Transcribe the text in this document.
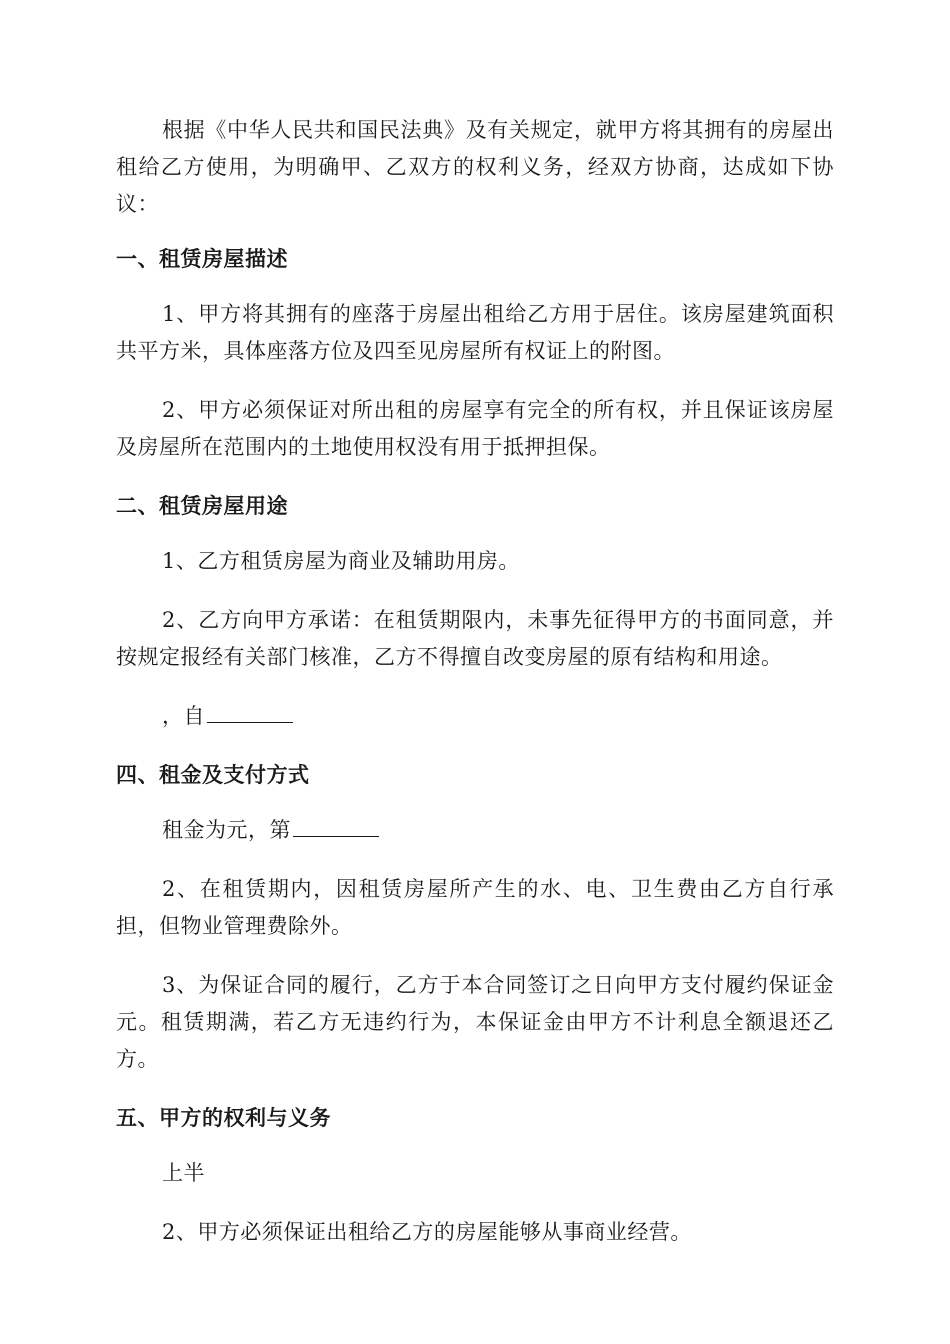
根据《中华人民共和国民法典》及有关规定，就甲方将其拥有的房屋出租给乙方使用，为明确甲、乙双方的权利义务，经双方协商，达成如下协议：

一、租赁房屋描述

1、甲方将其拥有的座落于房屋出租给乙方用于居住。该房屋建筑面积共平方米，具体座落方位及四至见房屋所有权证上的附图。

2、甲方必须保证对所出租的房屋享有完全的所有权，并且保证该房屋及房屋所在范围内的土地使用权没有用于抵押担保。

二、租赁房屋用途

1、乙方租赁房屋为商业及辅助用房。

2、乙方向甲方承诺：在租赁期限内，未事先征得甲方的书面同意，并按规定报经有关部门核准，乙方不得擅自改变房屋的原有结构和用途。

，自

四、租金及支付方式

租金为元，第

2、在租赁期内，因租赁房屋所产生的水、电、卫生费由乙方自行承担，但物业管理费除外。

3、为保证合同的履行，乙方于本合同签订之日向甲方支付履约保证金元。租赁期满，若乙方无违约行为，本保证金由甲方不计利息全额退还乙方。

五、甲方的权利与义务

上半

2、甲方必须保证出租给乙方的房屋能够从事商业经营。
